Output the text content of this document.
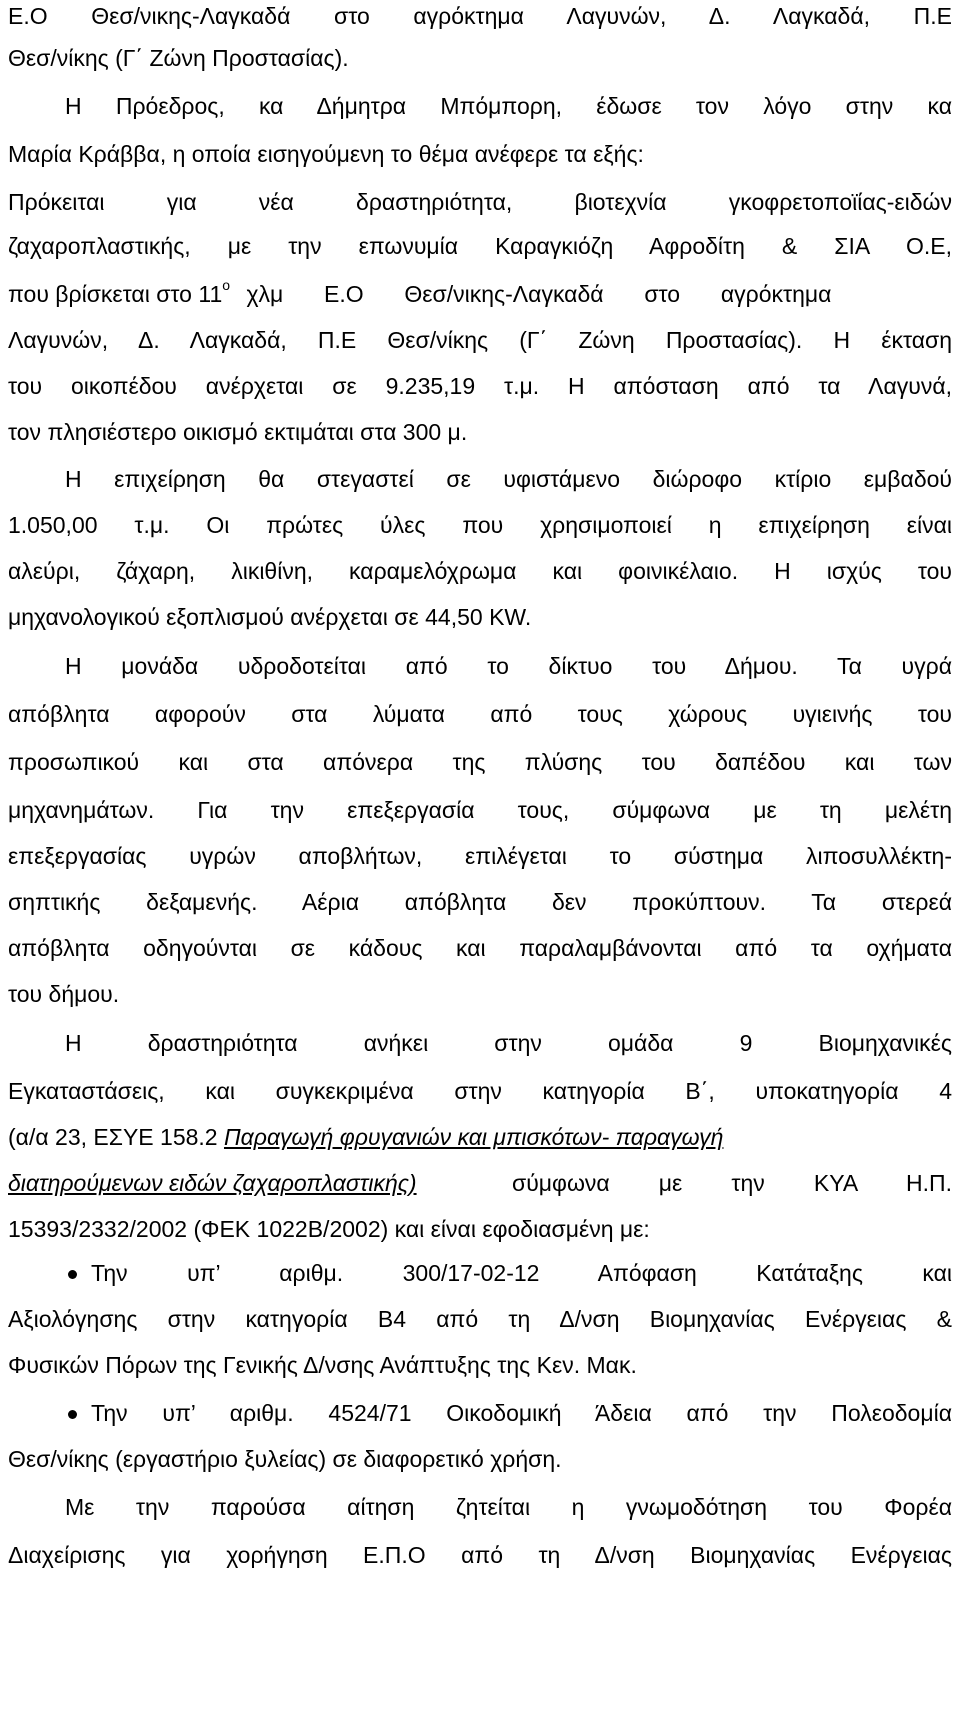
Ε.Ο Θεσ/νικης-Λαγκαδά στο αγρόκτημα Λαγυνών, Δ. Λαγκαδά, Π.Ε
Θεσ/νίκης (Γ΄ Ζώνη Προστασίας).
Η Πρόεδρος, κα Δήμητρα Μπόμπορη, έδωσε τον λόγο στην κα
Μαρία Κράββα, η οποία εισηγούμενη το θέμα ανέφερε τα εξής:
Πρόκειται για νέα δραστηριότητα, βιοτεχνία γκοφρετοποϊίας-ειδών
ζαχαροπλαστικής, με την επωνυμία Καραγκιόζη Αφροδίτη & ΣΙΑ Ο.Ε,
που βρίσκεται στο $11^o$ χλμ Ε.Ο Θεσ/νικης-Λαγκαδά στο αγρόκτημα
Λαγυνών, Δ. Λαγκαδά, Π.Ε Θεσ/νίκης (Γ΄ Ζώνη Προστασίας). Η έκταση
του οικοπέδου ανέρχεται σε 9.235,19 τ.μ. Η απόσταση από τα Λαγυνά,
τον πλησιέστερο οικισμό εκτιμάται στα 300 μ.
Η επιχείρηση θα στεγαστεί σε υφιστάμενο διώροφο κτίριο εμβαδού
1.050,00 τ.μ. Οι πρώτες ύλες που χρησιμοποιεί η επιχείρηση είναι
αλεύρι, ζάχαρη, λικιθίνη, καραμελόχρωμα και φοινικέλαιο. Η ισχύς του
μηχανολογικού εξοπλισμού ανέρχεται σε 44,50 KW.
Η μονάδα υδροδοτείται από το δίκτυο του Δήμου. Τα υγρά
απόβλητα αφορούν στα λύματα από τους χώρους υγιεινής του
προσωπικού και στα απόνερα της πλύσης του δαπέδου και των
μηχανημάτων. Για την επεξεργασία τους, σύμφωνα με τη μελέτη
επεξεργασίας υγρών αποβλήτων, επιλέγεται το σύστημα λιποσυλλέκτη-
σηπτικής δεξαμενής. Αέρια απόβλητα δεν προκύπτουν. Τα στερεά
απόβλητα οδηγούνται σε κάδους και παραλαμβάνονται από τα οχήματα
του δήμου.
Η δραστηριότητα ανήκει στην ομάδα 9 Βιομηχανικές
Εγκαταστάσεις, και συγκεκριμένα στην κατηγορία Β΄, υποκατηγορία 4
(α/α 23, ΕΣΥΕ 158.2 Παραγωγή φρυγανιών και μπισκότων- παραγωγή
διατηρούμενων ειδών ζαχαροπλαστικής)	σύμφωνα με την ΚΥΑ Η.Π.
15393/2332/2002 (ΦΕΚ 1022Β/2002) και είναι εφοδιασμένη με:
Την υπ’ αριθμ. 300/17-02-12 Απόφαση Κατάταξης και
Αξιολόγησης στην κατηγορία Β4 από τη Δ/νση Βιομηχανίας Ενέργειας &
Φυσικών Πόρων της Γενικής Δ/νσης Ανάπτυξης της Κεν. Μακ.
Την υπ’ αριθμ. 4524/71 Οικοδομική Άδεια από την Πολεοδομία
Θεσ/νίκης (εργαστήριο ξυλείας) σε διαφορετικό χρήση.
Με την παρούσα αίτηση ζητείται η γνωμοδότηση του Φορέα
Διαχείρισης για χορήγηση Ε.Π.Ο από τη Δ/νση Βιομηχανίας Ενέργειας
